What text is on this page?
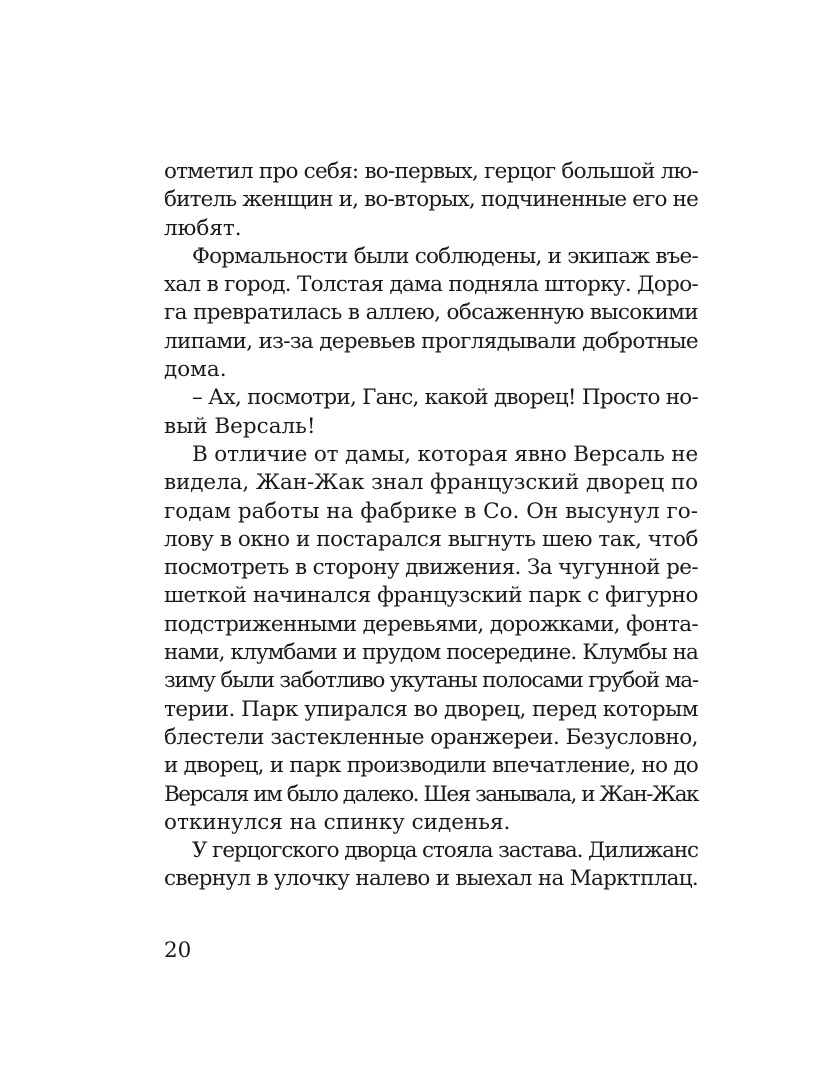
отметил про себя: во-первых, герцог большой лю-
битель женщин и, во-вторых, подчиненные его не
любят.
Формальности были соблюдены, и экипаж въе-
хал в город. Толстая дама подняла шторку. Доро-
га превратилась в аллею, обсаженную высокими
липами, из-за деревьев проглядывали добротные
дома.
– Ах, посмотри, Ганс, какой дворец! Просто но-
вый Версаль!
В отличие от дамы, которая явно Версаль не
видела, Жан-Жак знал французский дворец по
годам работы на фабрике в Со. Он высунул го-
лову в окно и постарался выгнуть шею так, чтоб
посмотреть в сторону движения. За чугунной ре-
шеткой начинался французский парк с фигурно
подстриженными деревьями, дорожками, фонта-
нами, клумбами и прудом посередине. Клумбы на
зиму были заботливо укутаны полосами грубой ма-
терии. Парк упирался во дворец, перед которым
блестели застекленные оранжереи. Безусловно,
и дворец, и парк производили впечатление, но до
Версаля им было далеко. Шея занывала, и Жан-Жак
откинулся на спинку сиденья.
У герцогского дворца стояла застава. Дилижанс
свернул в улочку налево и выехал на Марктплац.
20
